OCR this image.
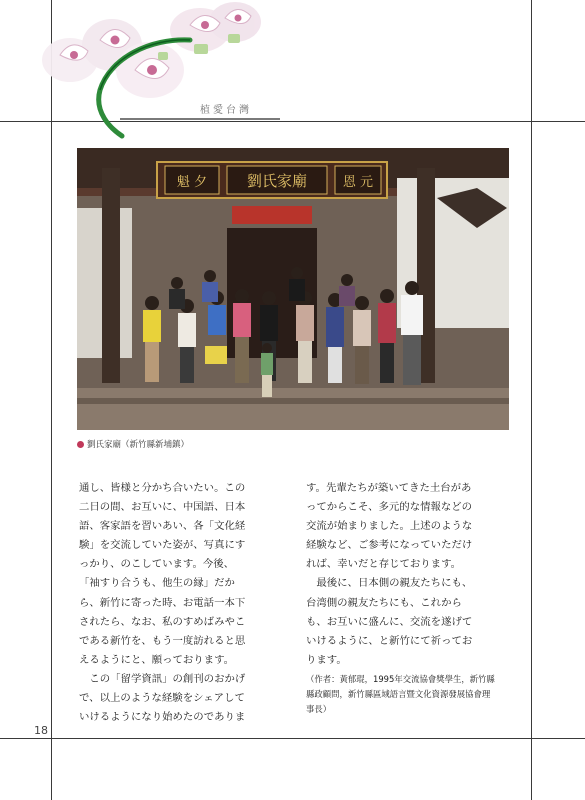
植愛台灣
劉氏家廟
魁 夕	恩 元
劉氏家廟（新竹縣新埔鎮）

通し、皆様と分かち合いたい。この
二日の間、お互いに、中国語、日本
語、客家語を習いあい、各「文化経
験」を交流していた姿が、写真にす
っかり、のこしています。今後、
「袖すり合うも、他生の縁」だか
ら、新竹に寄った時、お電話一本下
されたら、なお、私のすめばみやこ
である新竹を、もう一度訪れると思
えるようにと、願っております。
　この「留学資訊」の創刊のおかげ
で、以上のような経験をシェアして
いけるようになり始めたのでありま

す。先輩たちが築いてきた土台があ
ってからこそ、多元的な情報などの
交流が始まりました。上述のような
経験など、ご参考になっていただけ
れば、幸いだと存じております。
　最後に、日本側の親友たちにも、
台湾側の親友たちにも、これから
も、お互いに盛んに、交流を遂げて
いけるように、と新竹にて祈ってお
ります。

（作者：黃郁琨，1995年交流協會獎學生，新竹縣
縣政顧問，新竹縣區域語言暨文化資源發展協會理
事長）
18
